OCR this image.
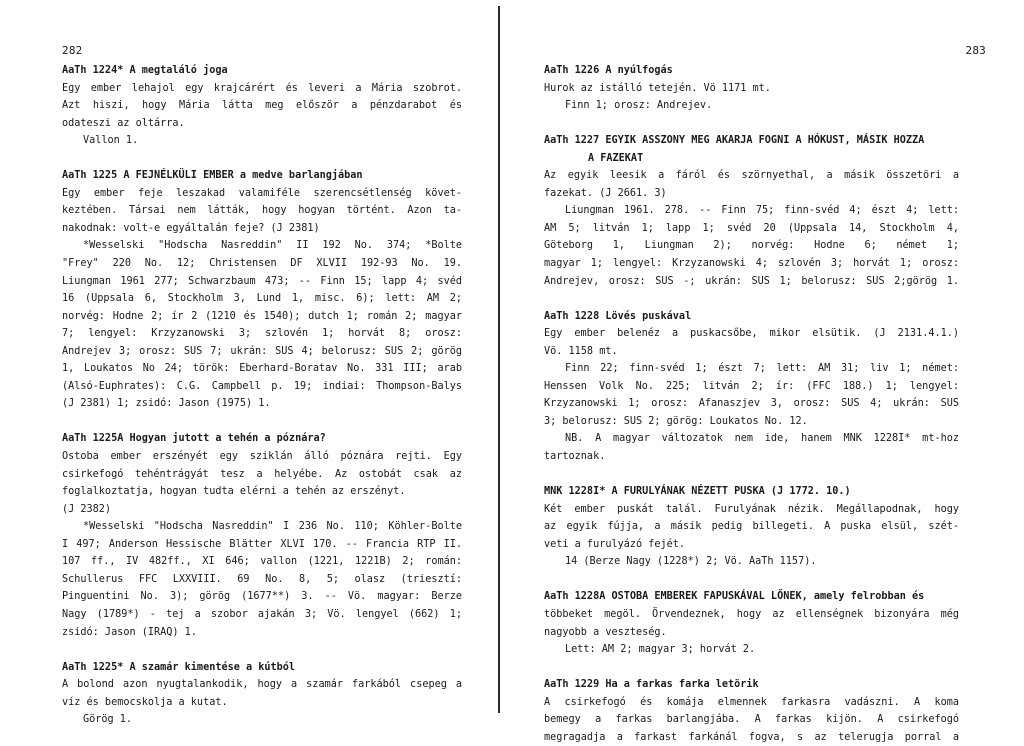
282
AaTh 1224* A megtaláló joga
Egy ember lehajol egy krajcárért és leveri a Mária szobrot.
Azt hiszi, hogy Mária látta meg először a pénzdarabot és
odateszi az oltárra.
Vallon 1.
AaTh 1225 A FEJNÉLKÜLI EMBER a medve barlangjában
Egy ember feje leszakad valamiféle szerencsétlenség követ-
keztében. Társai nem látták, hogy hogyan történt. Azon ta-
nakodnak: volt-e egyáltalán feje? (J 2381)
*Wesselski "Hodscha Nasreddin" II 192 No. 374; *Bolte
"Frey" 220 No. 12; Christensen DF XLVII 192-93 No. 19.
Liungman 1961 277; Schwarzbaum 473; -- Finn 15; lapp 4; svéd
16 (Uppsala 6, Stockholm 3, Lund 1, misc. 6); lett: AM 2;
norvég: Hodne 2; ír 2 (1210 és 1540); dutch 1; román 2; magyar
7; lengyel: Krzyzanowski 3; szlovén 1; horvát 8; orosz:
Andrejev 3; orosz: SUS 7; ukrán: SUS 4; belorusz: SUS 2; görög
1, Loukatos No 24; török: Eberhard-Boratav No. 331 III; arab
(Alsó-Euphrates): C.G. Campbell p. 19; indiai: Thompson-Balys
(J 2381) 1; zsidó: Jason (1975) 1.
AaTh 1225A Hogyan jutott a tehén a póznára?
Ostoba ember erszényét egy sziklán álló póznára rejti. Egy
csirkefogó tehéntrágyát tesz a helyébe. Az ostobát csak az
foglalkoztatja, hogyan tudta elérni a tehén az erszényt.
(J 2382)
*Wesselski "Hodscha Nasreddin" I 236 No. 110; Köhler-Bolte
I 497; Anderson Hessische Blätter XLVI 170. -- Francia RTP II.
107 ff., IV 482ff., XI 646; vallon (1221, 1221B) 2; román:
Schullerus FFC LXXVIII. 69 No. 8, 5; olasz (triesztí:
Pinguentini No. 3); görög (1677**) 3. -- Vö. magyar: Berze
Nagy (1789*) - tej a szobor ajakán 3; Vö. lengyel (662) 1;
zsidó: Jason (IRAQ) 1.
AaTh 1225* A szamár kimentése a kútból
A bolond azon nyugtalankodik, hogy a szamár farkából csepeg a
víz és bemocskolja a kutat.
Görög 1.
283
AaTh 1226 A nyúlfogás
Hurok az istálló tetején. Vö 1171 mt.
Finn 1; orosz: Andrejev.
AaTh 1227 EGYIK ASSZONY MEG AKARJA FOGNI A HÓKUST, MÁSIK HOZZA
A FAZEKAT
Az egyik leesik a fáról és szörnyethal, a másik összetöri a
fazekat. (J 2661. 3)
Liungman 1961. 278. -- Finn 75; finn-svéd 4; észt 4; lett:
AM 5; litván 1; lapp 1; svéd 20 (Uppsala 14, Stockholm 4,
Göteborg 1, Liungman 2); norvég: Hodne 6; német 1;
magyar 1; lengyel: Krzyzanowski 4; szlovén 3; horvát 1; orosz:
Andrejev, orosz: SUS -; ukrán: SUS 1; belorusz: SUS 2;görög 1.
AaTh 1228 Lövés puskával
Egy ember belenéz a puskacsőbe, mikor elsütik. (J 2131.4.1.)
Vö. 1158 mt.
Finn 22; finn-svéd 1; észt 7; lett: AM 31; liv 1; német:
Henssen Volk No. 225; litván 2; ír: (FFC 188.) 1; lengyel:
Krzyzanowski 1; orosz: Afanaszjev 3, orosz: SUS 4; ukrán: SUS
3; belorusz: SUS 2; görög: Loukatos No. 12.
NB. A magyar változatok nem ide, hanem MNK 1228I* mt-hoz
tartoznak.
MNK 1228I* A FURULYÁNAK NÉZETT PUSKA (J 1772. 10.)
Két ember puskát talál. Furulyának nézik. Megállapodnak, hogy
az egyik fújja, a másik pedig billegeti. A puska elsül, szét-
veti a furulyázó fejét.
14 (Berze Nagy (1228*) 2; Vö. AaTh 1157).
AaTh 1228A OSTOBA EMBEREK FAPUSKÁVAL LŐNEK, amely felrobban és
többeket megöl. Örvendeznek, hogy az ellenségnek bizonyára még
nagyobb a veszteség.
Lett: AM 2; magyar 3; horvát 2.
AaTh 1229 Ha a farkas farka letörik
A csirkefogó és komája elmennek farkasra vadászni. A koma
bemegy a farkas barlangjába. A farkas kijön. A csirkefogó
megragadja a farkast farkánál fogva, s az telerugja porral a
